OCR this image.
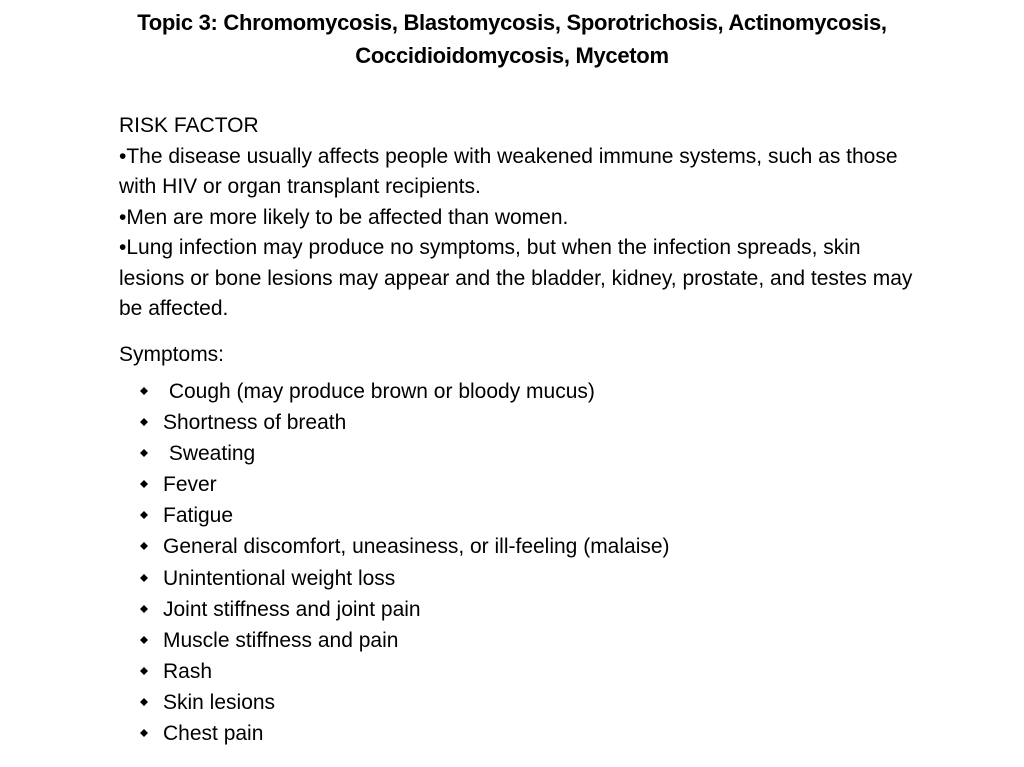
Topic 3: Chromomycosis, Blastomycosis, Sporotrichosis, Actinomycosis,
Coccidioidomycosis, Mycetom
RISK FACTOR

•The disease usually affects people with weakened immune systems, such as those with HIV or organ transplant recipients.

•Men are more likely to be affected than women.

•Lung infection may produce no symptoms, but when the infection spreads, skin lesions or bone lesions may appear and the bladder, kidney, prostate, and testes may be affected.

Symptoms:
Cough (may produce brown or bloody mucus)
Shortness of breath
Sweating
Fever
Fatigue
General discomfort, uneasiness, or ill-feeling (malaise)
Unintentional weight loss
Joint stiffness and joint pain
Muscle stiffness and pain
Rash
Skin lesions
Chest pain
